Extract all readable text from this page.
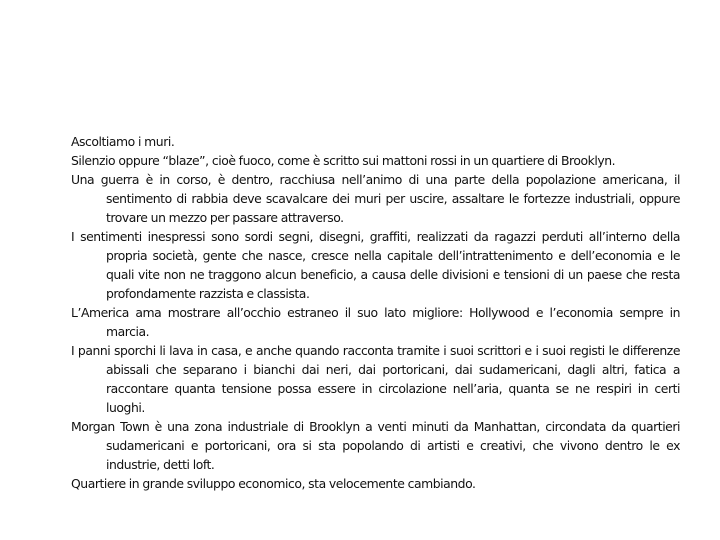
Ascoltiamo i muri.

Silenzio oppure “blaze”, cioè fuoco, come è scritto sui mattoni rossi in un quartiere di Brooklyn.

Una guerra è in corso, è dentro, racchiusa nell’animo di una parte della popolazione americana, il sentimento di rabbia deve scavalcare dei muri per uscire, assaltare le fortezze industriali, oppure trovare un mezzo per passare attraverso.

I sentimenti inespressi sono sordi segni, disegni, graffiti, realizzati da ragazzi perduti all’interno della propria società, gente che nasce, cresce nella capitale dell’intrattenimento e dell’economia e le quali vite non ne traggono alcun beneficio, a causa delle divisioni e tensioni di un paese che resta profondamente razzista e classista.

L’America ama mostrare all’occhio estraneo il suo lato migliore: Hollywood e l’economia sempre in marcia.

I panni sporchi li lava in casa, e anche quando racconta tramite i suoi scrittori e i suoi registi le differenze abissali che separano i bianchi dai neri, dai portoricani, dai sudamericani, dagli altri, fatica a raccontare quanta tensione possa essere in circolazione nell’aria, quanta se ne respiri in certi luoghi.

Morgan Town è una zona industriale di Brooklyn a venti minuti da Manhattan, circondata da quartieri sudamericani e portoricani, ora si sta popolando di artisti e creativi, che vivono dentro le ex industrie, detti loft.

Quartiere in grande sviluppo economico, sta velocemente cambiando.
